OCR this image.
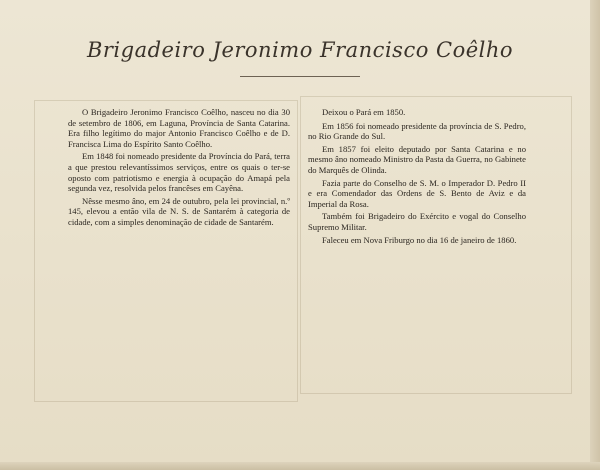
Brigadeiro Jeronimo Francisco Coêlho

O Brigadeiro Jeronimo Francisco Coêlho, nasceu no dia 30 de setembro de 1806, em Laguna, Província de Santa Catarina. Era filho legítimo do major Antonio Francisco Coêlho e de D. Francisca Lima do Espírito Santo Coêlho.

Em 1848 foi nomeado presidente da Província do Pará, terra a que prestou relevantíssimos serviços, entre os quais o ter-se oposto com patriotismo e energia à ocupação do Amapá pela segunda vez, resolvida pelos francêses em Cayêna.

Nêsse mesmo âno, em 24 de outubro, pela lei provincial, n.º 145, elevou a então vila de N. S. de Santarém à categoria de cidade, com a simples denominação de cidade de Santarém.

Deixou o Pará em 1850.

Em 1856 foi nomeado presidente da província de S. Pedro, no Rio Grande do Sul.

Em 1857 foi eleito deputado por Santa Catarina e no mesmo âno nomeado Ministro da Pasta da Guerra, no Gabinete do Marquês de Olinda.

Fazia parte do Conselho de S. M. o Imperador D. Pedro II e era Comendador das Ordens de S. Bento de Aviz e da Imperial da Rosa.

Também foi Brigadeiro do Exército e vogal do Conselho Supremo Militar.

Faleceu em Nova Friburgo no dia 16 de janeiro de 1860.
